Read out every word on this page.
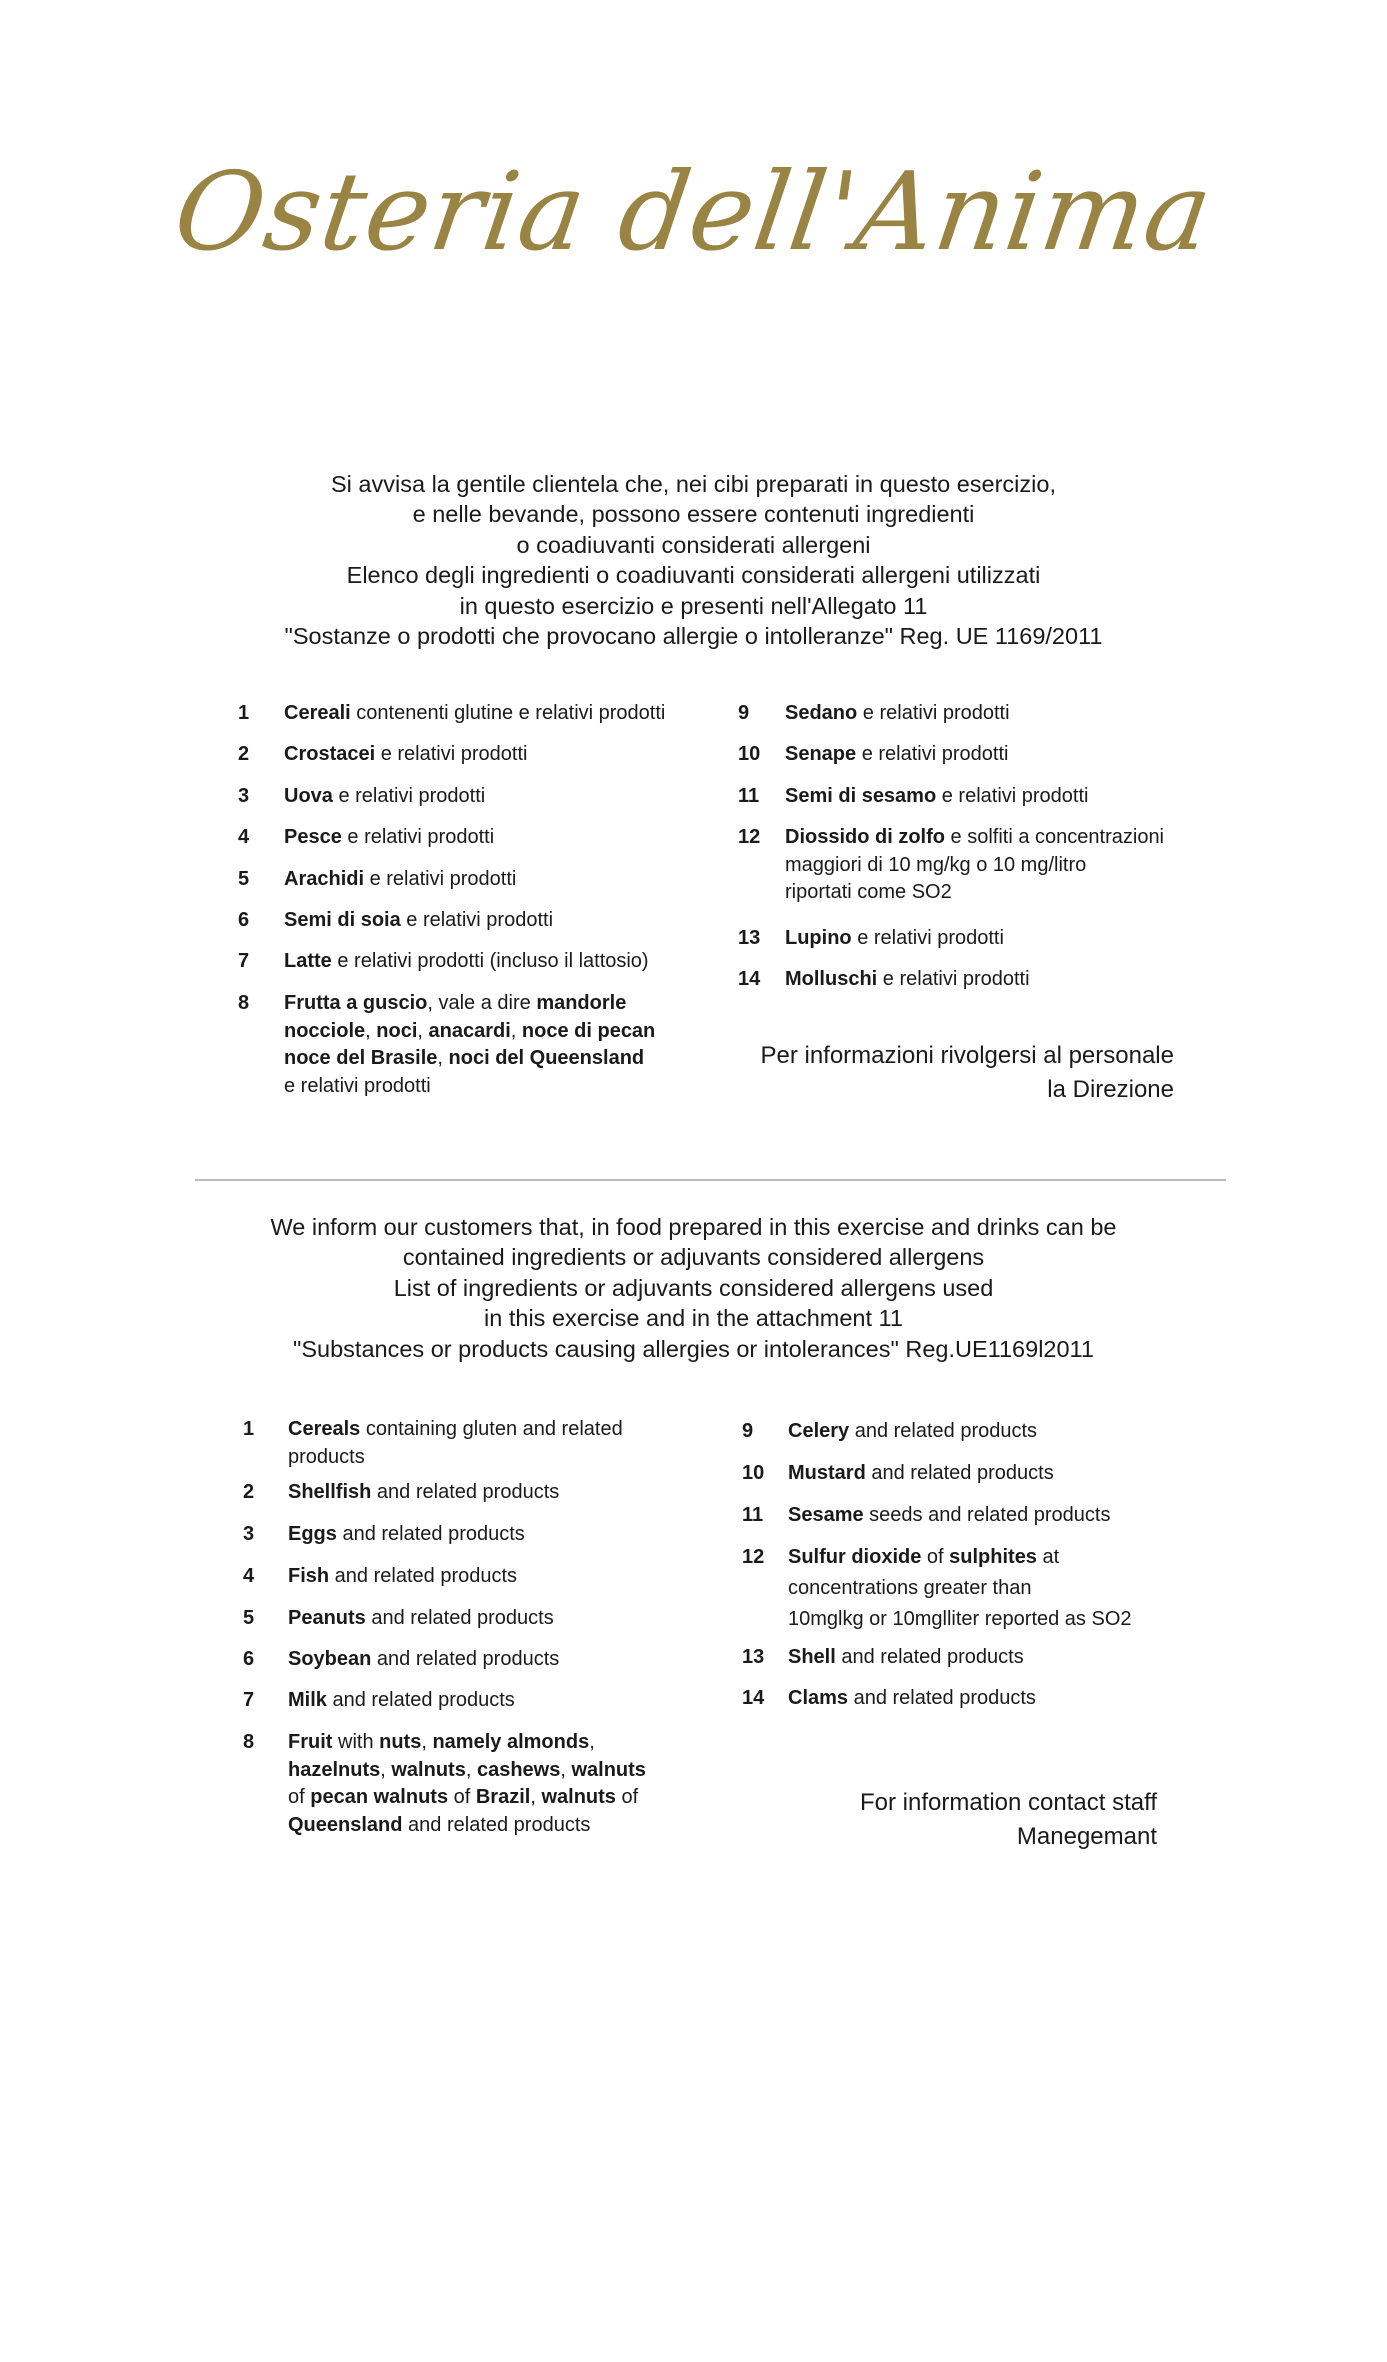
Osteria dell'Anima
Si avvisa la gentile clientela che, nei cibi preparati in questo esercizio,
e nelle bevande, possono essere contenuti ingredienti
o coadiuvanti considerati allergeni
Elenco degli ingredienti o coadiuvanti considerati allergeni utilizzati
in questo esercizio e presenti nell'Allegato 11
"Sostanze o prodotti che provocano allergie o intolleranze" Reg. UE 1169/2011
1 Cereali contenenti glutine e relativi prodotti
2 Crostacei e relativi prodotti
3 Uova e relativi prodotti
4 Pesce e relativi prodotti
5 Arachidi e relativi prodotti
6 Semi di soia e relativi prodotti
7 Latte e relativi prodotti (incluso il lattosio)
8 Frutta a guscio, vale a dire mandorle
nocciole, noci, anacardi, noce di pecan
noce del Brasile, noci del Queensland
e relativi prodotti
9 Sedano e relativi prodotti
10 Senape e relativi prodotti
11 Semi di sesamo e relativi prodotti
12 Diossido di zolfo e solfiti a concentrazioni
maggiori di 10 mg/kg o 10 mg/litro
riportati come SO2
13 Lupino e relativi prodotti
14 Molluschi e relativi prodotti
Per informazioni rivolgersi al personale
la Direzione
We inform our customers that, in food prepared in this exercise and drinks can be
contained ingredients or adjuvants considered allergens
List of ingredients or adjuvants considered allergens used
in this exercise and in the attachment 11
"Substances or products causing allergies or intolerances" Reg.UE1169l2011
1 Cereals containing gluten and related
products
2 Shellfish and related products
3 Eggs and related products
4 Fish and related products
5 Peanuts and related products
6 Soybean and related products
7 Milk and related products
8 Fruit with nuts, namely almonds,
hazelnuts, walnuts, cashews, walnuts
of pecan walnuts of Brazil, walnuts of
Queensland and related products
9 Celery and related products
10 Mustard and related products
11 Sesame seeds and related products
12 Sulfur dioxide of sulphites at
concentrations greater than
10mglkg or 10mglliter reported as SO2
13 Shell and related products
14 Clams and related products
For information contact staff
Manegemant
